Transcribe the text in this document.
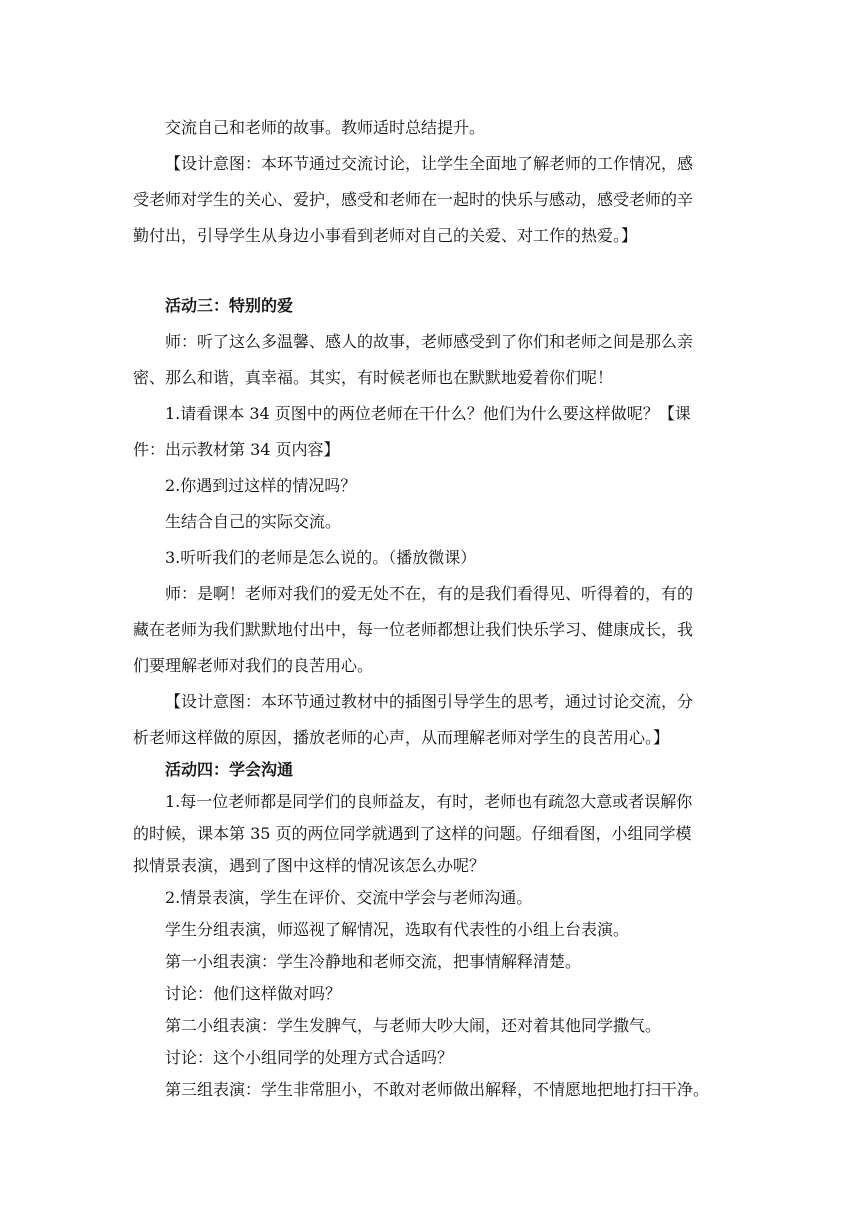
交流自己和老师的故事。教师适时总结提升。
【设计意图：本环节通过交流讨论，让学生全面地了解老师的工作情况，感
受老师对学生的关心、爱护，感受和老师在一起时的快乐与感动，感受老师的辛
勤付出，引导学生从身边小事看到老师对自己的关爱、对工作的热爱。】
活动三：特别的爱
师：听了这么多温馨、感人的故事，老师感受到了你们和老师之间是那么亲
密、那么和谐，真幸福。其实，有时候老师也在默默地爱着你们呢！
1.请看课本 34 页图中的两位老师在干什么？他们为什么要这样做呢？【课
件：出示教材第 34 页内容】
2.你遇到过这样的情况吗？
生结合自己的实际交流。
3.听听我们的老师是怎么说的。（播放微课）
师：是啊！老师对我们的爱无处不在，有的是我们看得见、听得着的，有的
藏在老师为我们默默地付出中，每一位老师都想让我们快乐学习、健康成长，我
们要理解老师对我们的良苦用心。
【设计意图：本环节通过教材中的插图引导学生的思考，通过讨论交流，分
析老师这样做的原因，播放老师的心声，从而理解老师对学生的良苦用心。】
活动四：学会沟通
1.每一位老师都是同学们的良师益友，有时，老师也有疏忽大意或者误解你
的时候，课本第 35 页的两位同学就遇到了这样的问题。仔细看图，小组同学模
拟情景表演，遇到了图中这样的情况该怎么办呢？
2.情景表演，学生在评价、交流中学会与老师沟通。
学生分组表演，师巡视了解情况，选取有代表性的小组上台表演。
第一小组表演：学生冷静地和老师交流，把事情解释清楚。
讨论：他们这样做对吗？
第二小组表演：学生发脾气，与老师大吵大闹，还对着其他同学撒气。
讨论：这个小组同学的处理方式合适吗？
第三组表演：学生非常胆小，不敢对老师做出解释，不情愿地把地打扫干净。
